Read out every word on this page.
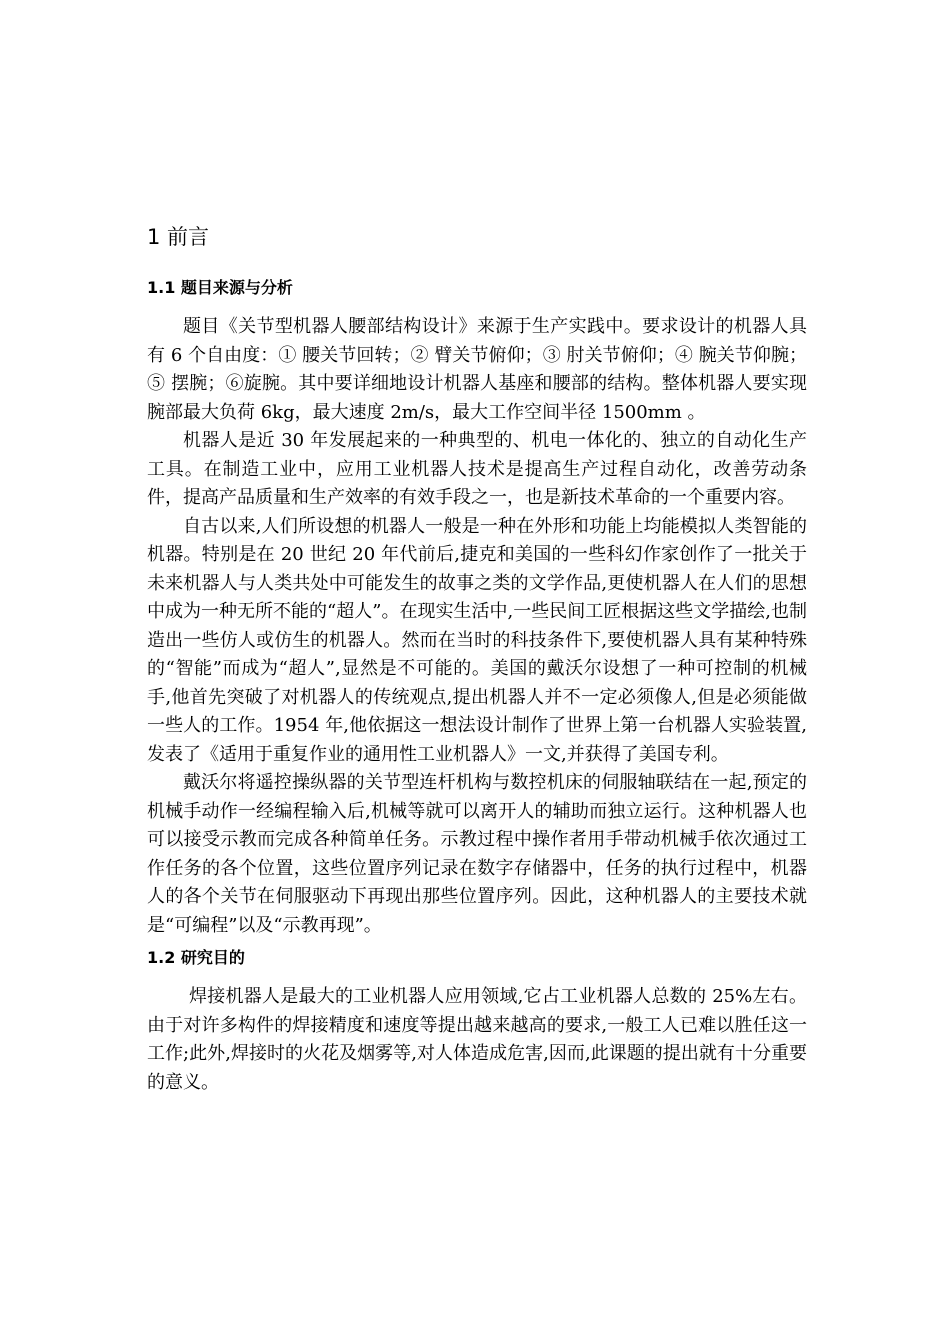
1 前言
1.1 题目来源与分析

题目《关节型机器人腰部结构设计》来源于生产实践中。要求设计的机器人具有 6 个自由度：① 腰关节回转；② 臂关节俯仰；③ 肘关节俯仰；④ 腕关节仰腕；⑤ 摆腕；⑥旋腕。其中要详细地设计机器人基座和腰部的结构。整体机器人要实现腕部最大负荷 6kg，最大速度 2m/s，最大工作空间半径 1500mm 。

机器人是近 30 年发展起来的一种典型的、机电一体化的、独立的自动化生产工具。在制造工业中，应用工业机器人技术是提高生产过程自动化，改善劳动条件，提高产品质量和生产效率的有效手段之一，也是新技术革命的一个重要内容。

自古以来,人们所设想的机器人一般是一种在外形和功能上均能模拟人类智能的机器。特别是在 20 世纪 20 年代前后,捷克和美国的一些科幻作家创作了一批关于未来机器人与人类共处中可能发生的故事之类的文学作品,更使机器人在人们的思想中成为一种无所不能的“超人”。在现实生活中,一些民间工匠根据这些文学描绘,也制造出一些仿人或仿生的机器人。然而在当时的科技条件下,要使机器人具有某种特殊的“智能”而成为“超人”,显然是不可能的。美国的戴沃尔设想了一种可控制的机械手,他首先突破了对机器人的传统观点,提出机器人并不一定必须像人,但是必须能做一些人的工作。1954 年,他依据这一想法设计制作了世界上第一台机器人实验装置,发表了《适用于重复作业的通用性工业机器人》一文,并获得了美国专利。

戴沃尔将遥控操纵器的关节型连杆机构与数控机床的伺服轴联结在一起,预定的机械手动作一经编程输入后,机械等就可以离开人的辅助而独立运行。这种机器人也可以接受示教而完成各种简单任务。示教过程中操作者用手带动机械手依次通过工作任务的各个位置，这些位置序列记录在数字存储器中，任务的执行过程中，机器人的各个关节在伺服驱动下再现出那些位置序列。因此，这种机器人的主要技术就是“可编程”以及“示教再现”。

1.2 研究目的

焊接机器人是最大的工业机器人应用领域,它占工业机器人总数的 25%左右。由于对许多构件的焊接精度和速度等提出越来越高的要求,一般工人已难以胜任这一工作;此外,焊接时的火花及烟雾等,对人体造成危害,因而,此课题的提出就有十分重要的意义。
